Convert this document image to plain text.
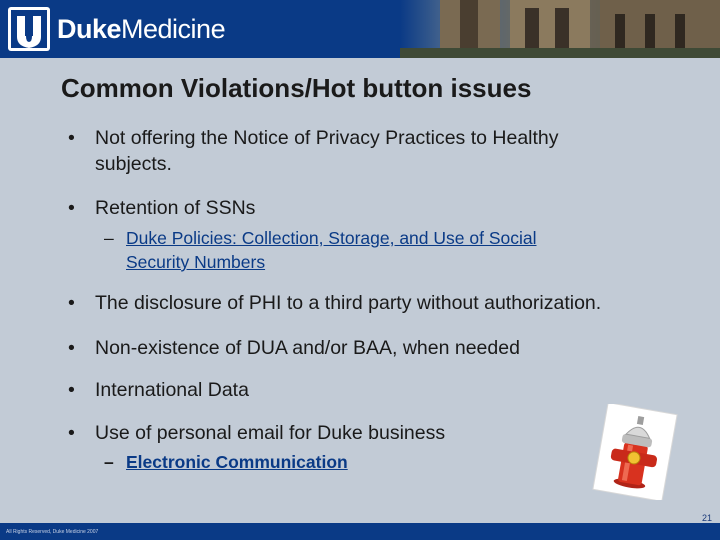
DukeMedicine
Common Violations/Hot button issues
• Not offering the Notice of Privacy Practices to Healthy
subjects.
• Retention of SSNs
– Duke Policies: Collection, Storage, and Use of Social
Security Numbers
• The disclosure of PHI to a third party without authorization.
• Non-existence of DUA and/or BAA, when needed
• International Data
• Use of personal email for Duke business
– Electronic Communication
21
All Rights Reserved, Duke Medicine 2007
